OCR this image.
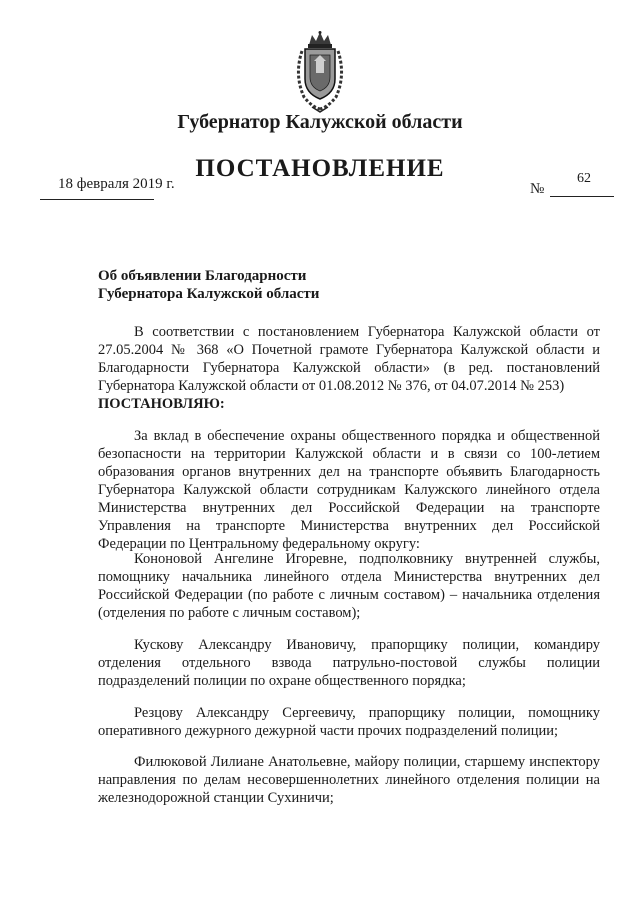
Губернатор Калужской области
ПОСТАНОВЛЕНИЕ
18 февраля 2019 г.	62
№
Об объявлении Благодарности
Губернатора Калужской области
В соответствии с постановлением Губернатора Калужской области от 27.05.2004 № 368 «О Почетной грамоте Губернатора Калужской области и Благодарности Губернатора Калужской области» (в ред. постановлений Губернатора Калужской области от 01.08.2012 № 376, от 04.07.2014 № 253)
ПОСТАНОВЛЯЮ:

За вклад в обеспечение охраны общественного порядка и общественной безопасности на территории Калужской области и в связи со 100-летием образования органов внутренних дел на транспорте объявить Благодарность Губернатора Калужской области сотрудникам Калужского линейного отдела Министерства внутренних дел Российской Федерации на транспорте Управления на транспорте Министерства внутренних дел Российской Федерации по Центральному федеральному округу:

Кононовой Ангелине Игоревне, подполковнику внутренней службы, помощнику начальника линейного отдела Министерства внутренних дел Российской Федерации (по работе с личным составом) – начальника отделения (отделения по работе с личным составом);

Кускову Александру Ивановичу, прапорщику полиции, командиру отделения отдельного взвода патрульно-постовой службы полиции подразделений полиции по охране общественного порядка;

Резцову Александру Сергеевичу, прапорщику полиции, помощнику оперативного дежурного дежурной части прочих подразделений полиции;

Филюковой Лилиане Анатольевне, майору полиции, старшему инспектору направления по делам несовершеннолетних линейного отделения полиции на железнодорожной станции Сухиничи;
